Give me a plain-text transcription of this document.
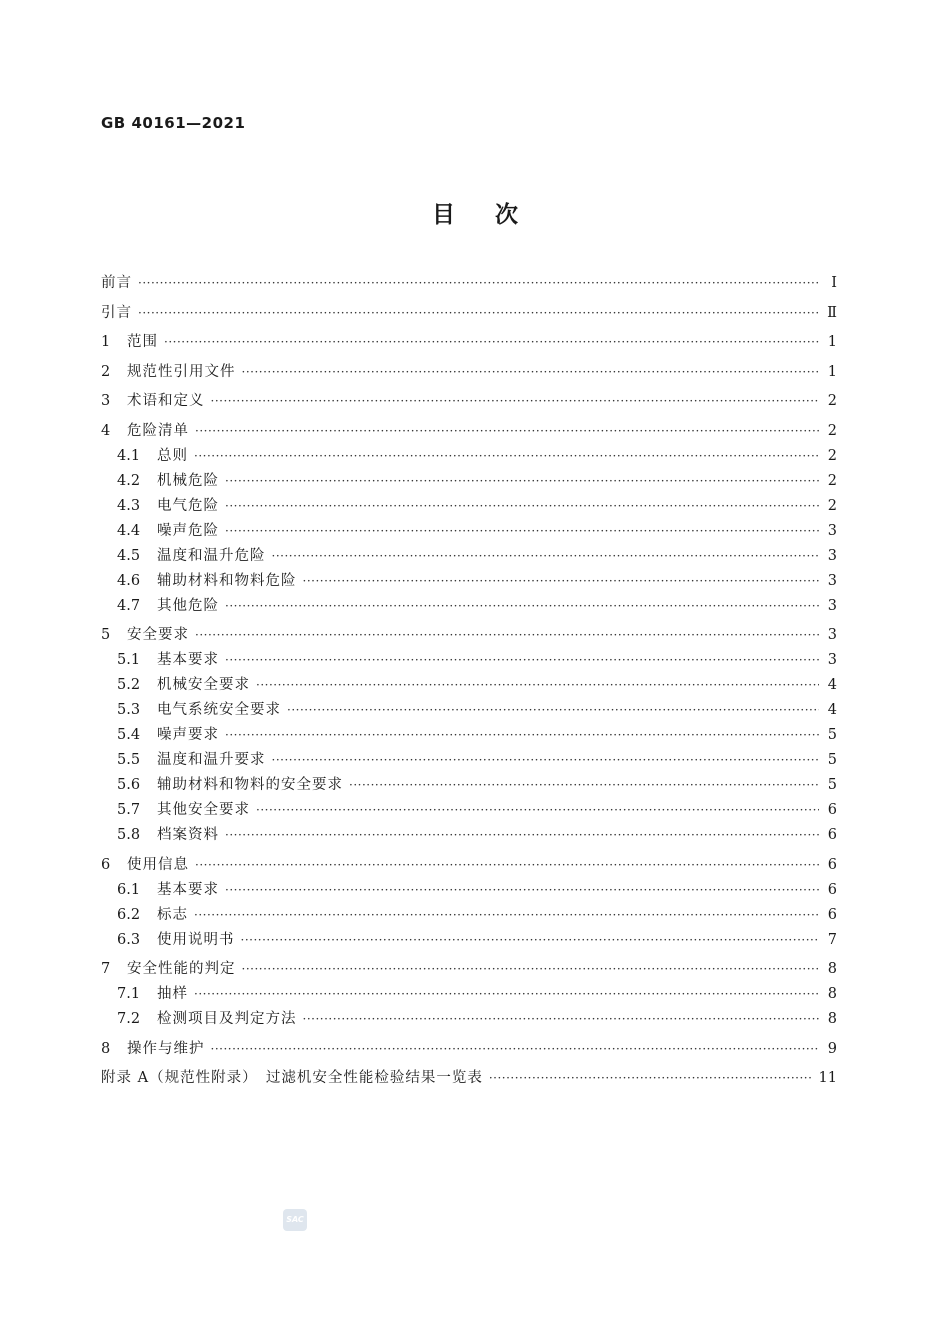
GB 40161—2021
目次
前言 ·····	Ⅰ
引言 ·····	Ⅱ
1	范围 ·····	1
2	规范性引用文件 ·····	1
3	术语和定义 ·····	2
4	危险清单 ·····	2
4.1	总则 ·····	2
4.2	机械危险 ·····	2
4.3	电气危险 ·····	2
4.4	噪声危险 ·····	3
4.5	温度和温升危险 ·····	3
4.6	辅助材料和物料危险 ·····	3
4.7	其他危险 ·····	3
5	安全要求 ·····	3
5.1	基本要求 ·····	3
5.2	机械安全要求 ·····	4
5.3	电气系统安全要求 ·····	4
5.4	噪声要求 ·····	5
5.5	温度和温升要求 ·····	5
5.6	辅助材料和物料的安全要求 ·····	5
5.7	其他安全要求 ·····	6
5.8	档案资料 ·····	6
6	使用信息 ·····	6
6.1	基本要求 ·····	6
6.2	标志 ·····	6
6.3	使用说明书 ·····	7
7	安全性能的判定 ·····	8
7.1	抽样 ·····	8
7.2	检测项目及判定方法 ·····	8
8	操作与维护 ·····	9
附录 A（规范性附录）　过滤机安全性能检验结果一览表 ·····	11
SAC
